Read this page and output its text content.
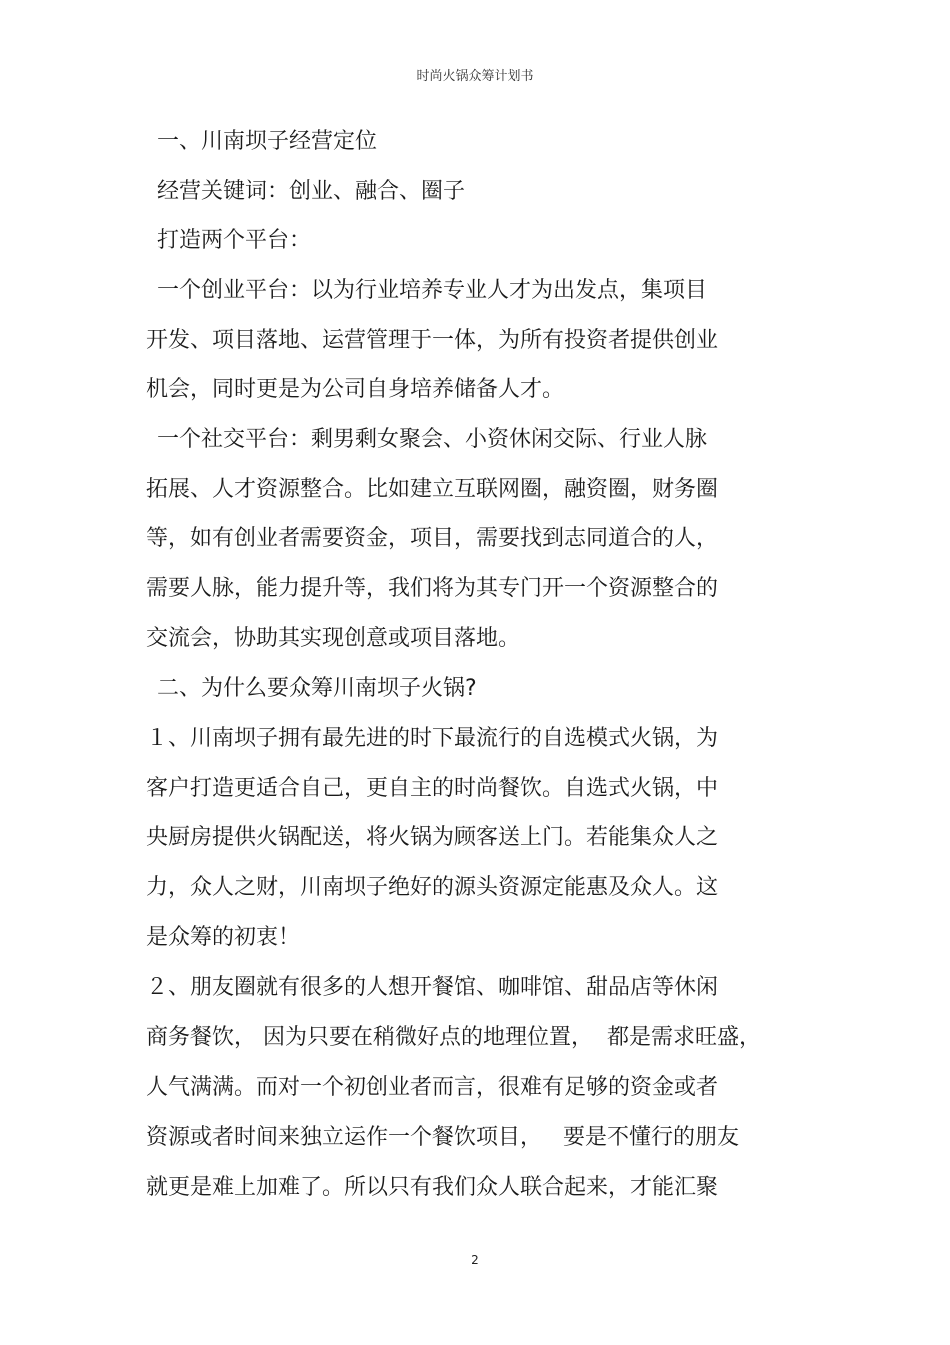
时尚火锅众筹计划书
一、川南坝子经营定位
经营关键词：创业、融合、圈子
打造两个平台：
一个创业平台：以为行业培养专业人才为出发点，集项目
开发、项目落地、运营管理于一体，为所有投资者提供创业
机会，同时更是为公司自身培养储备人才。
一个社交平台：剩男剩女聚会、小资休闲交际、行业人脉
拓展、人才资源整合。比如建立互联网圈，融资圈，财务圈
等，如有创业者需要资金，项目，需要找到志同道合的人，
需要人脉，能力提升等，我们将为其专门开一个资源整合的
交流会，协助其实现创意或项目落地。
二、为什么要众筹川南坝子火锅?
１、川南坝子拥有最先进的时下最流行的自选模式火锅，为
客户打造更适合自己，更自主的时尚餐饮。自选式火锅，中
央厨房提供火锅配送，将火锅为顾客送上门。若能集众人之
力，众人之财，川南坝子绝好的源头资源定能惠及众人。这
是众筹的初衷！
２、朋友圈就有很多的人想开餐馆、咖啡馆、甜品店等休闲
商务餐饮， 因为只要在稍微好点的地理位置，  都是需求旺盛，
人气满满。而对一个初创业者而言，很难有足够的资金或者
资源或者时间来独立运作一个餐饮项目，   要是不懂行的朋友
就更是难上加难了。所以只有我们众人联合起来，才能汇聚
2
